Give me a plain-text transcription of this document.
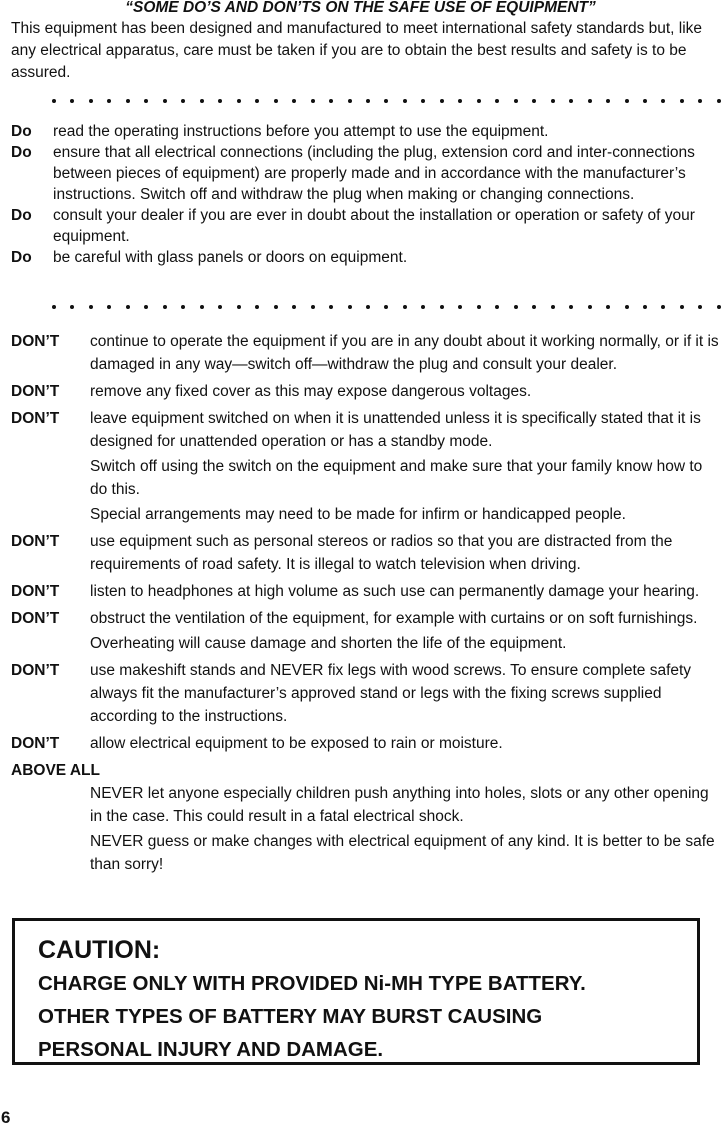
“SOME DO’S AND DON’TS ON THE SAFE USE OF EQUIPMENT”
This equipment has been designed and manufactured to meet international safety standards but, like any electrical apparatus, care must be taken if you are to obtain the best results and safety is to be assured.
Do	read the operating instructions before you attempt to use the equipment.
Do	ensure that all electrical connections (including the plug, extension cord and inter-connections between pieces of equipment) are properly made and in accordance with the manufacturer’s instructions. Switch off and withdraw the plug when making or changing connections.
Do	consult your dealer if you are ever in doubt about the installation or operation or safety of your equipment.
Do	be careful with glass panels or doors on equipment.
DON’T	continue to operate the equipment if you are in any doubt about it working normally, or if it is damaged in any way—switch off—withdraw the plug and consult your dealer.

DON’T	remove any fixed cover as this may expose dangerous voltages.

DON’T	leave equipment switched on when it is unattended unless it is specifically stated that it is designed for unattended operation or has a standby mode.

Switch off using the switch on the equipment and make sure that your family know how to do this.

Special arrangements may need to be made for infirm or handicapped people.

DON’T	use equipment such as personal stereos or radios so that you are distracted from the requirements of road safety. It is illegal to watch television when driving.

DON’T	listen to headphones at high volume as such use can permanently damage your hearing.

DON’T	obstruct the ventilation of the equipment, for example with curtains or on soft furnishings.

Overheating will cause damage and shorten the life of the equipment.

DON’T	use makeshift stands and NEVER fix legs with wood screws. To ensure complete safety always fit the manufacturer’s approved stand or legs with the fixing screws supplied according to the instructions.

DON’T	allow electrical equipment to be exposed to rain or moisture.

ABOVE ALL

NEVER let anyone especially children push anything into holes, slots or any other opening in the case. This could result in a fatal electrical shock.

NEVER guess or make changes with electrical equipment of any kind. It is better to be safe than sorry!

CAUTION:
CHARGE ONLY WITH PROVIDED Ni-MH TYPE BATTERY.
OTHER TYPES OF BATTERY MAY BURST CAUSING
PERSONAL INJURY AND DAMAGE.
6
